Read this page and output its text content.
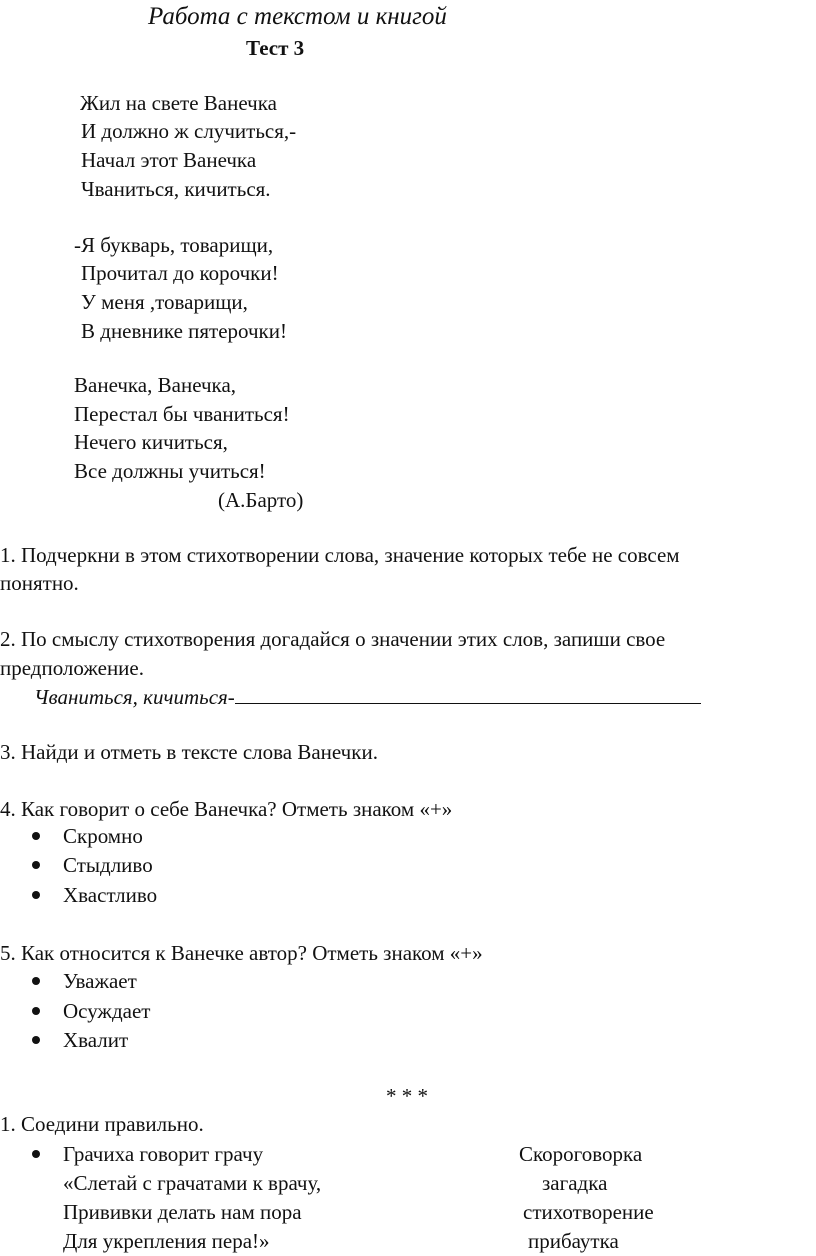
Работа с текстом и книгой
Тест 3
Жил на свете Ванечка
И должно ж случиться,-
Начал этот Ванечка
Чваниться, кичиться.
-Я букварь, товарищи,
Прочитал до корочки!
У меня ,товарищи,
В дневнике пятерочки!
Ванечка, Ванечка,
Перестал бы чваниться!
Нечего кичиться,
Все должны учиться!
(А.Барто)
1. Подчеркни в этом стихотворении слова, значение которых тебе не совсем
понятно.
2. По смыслу стихотворения догадайся о значении этих слов, запиши свое
предположение.
Чваниться, кичиться-
3. Найди и отметь в тексте слова Ванечки.
4. Как говорит о себе Ванечка? Отметь знаком «+»
Скромно
Стыдливо
Хвастливо
5. Как относится к Ванечке автор? Отметь знаком «+»
Уважает
Осуждает
Хвалит
* * *
1. Соедини правильно.
Грачиха говорит грачу
«Слетай с грачатами к врачу,
Прививки делать нам пора
Для укрепления пера!»
Скороговорка
загадка
стихотворение
прибаутка
